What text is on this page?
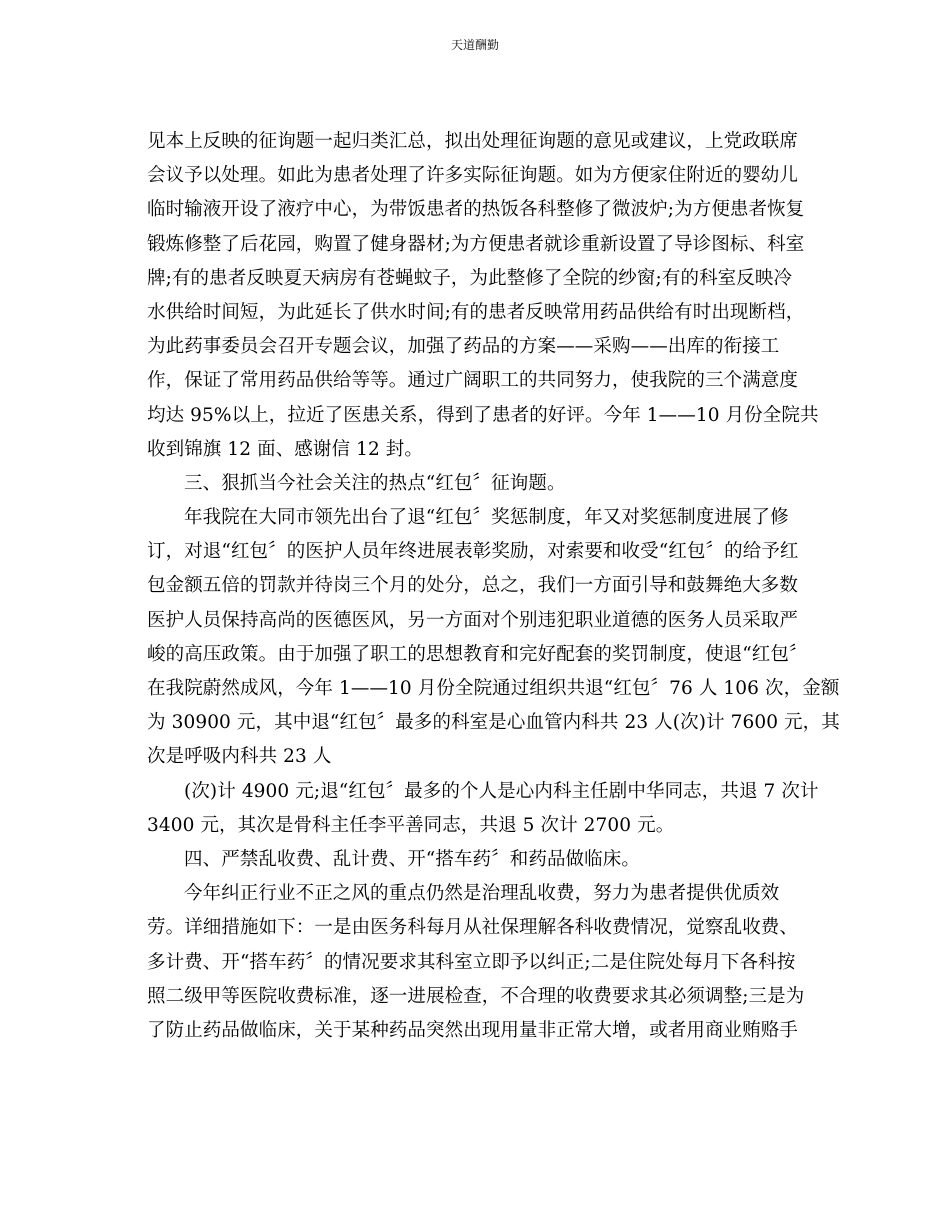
天道酬勤
见本上反映的征询题一起归类汇总，拟出处理征询题的意见或建议，上党政联席
会议予以处理。如此为患者处理了许多实际征询题。如为方便家住附近的婴幼儿
临时输液开设了液疗中心，为带饭患者的热饭各科整修了微波炉;为方便患者恢复
锻炼修整了后花园，购置了健身器材;为方便患者就诊重新设置了导诊图标、科室
牌;有的患者反映夏天病房有苍蝇蚊子，为此整修了全院的纱窗;有的科室反映冷
水供给时间短，为此延长了供水时间;有的患者反映常用药品供给有时出现断档，
为此药事委员会召开专题会议，加强了药品的方案——采购——出库的衔接工
作，保证了常用药品供给等等。通过广阔职工的共同努力，使我院的三个满意度
均达 95%以上，拉近了医患关系，得到了患者的好评。今年 1——10 月份全院共
收到锦旗 12 面、感谢信 12 封。
三、狠抓当今社会关注的热点“红包〞征询题。
年我院在大同市领先出台了退“红包〞奖惩制度，年又对奖惩制度进展了修
订，对退“红包〞的医护人员年终进展表彰奖励，对索要和收受“红包〞的给予红
包金额五倍的罚款并待岗三个月的处分，总之，我们一方面引导和鼓舞绝大多数
医护人员保持高尚的医德医风，另一方面对个别违犯职业道德的医务人员采取严
峻的高压政策。由于加强了职工的思想教育和完好配套的奖罚制度，使退“红包〞
在我院蔚然成风，今年 1——10 月份全院通过组织共退“红包〞76 人 106 次，金额
为 30900 元，其中退“红包〞最多的科室是心血管内科共 23 人(次)计 7600 元，其
次是呼吸内科共 23 人
(次)计 4900 元;退“红包〞最多的个人是心内科主任剧中华同志，共退 7 次计
3400 元，其次是骨科主任李平善同志，共退 5 次计 2700 元。
四、严禁乱收费、乱计费、开“搭车药〞和药品做临床。
今年纠正行业不正之风的重点仍然是治理乱收费，努力为患者提供优质效
劳。详细措施如下：一是由医务科每月从社保理解各科收费情况，觉察乱收费、
多计费、开“搭车药〞的情况要求其科室立即予以纠正;二是住院处每月下各科按
照二级甲等医院收费标准，逐一进展检查，不合理的收费要求其必须调整;三是为
了防止药品做临床，关于某种药品突然出现用量非正常大增，或者用商业贿赂手
